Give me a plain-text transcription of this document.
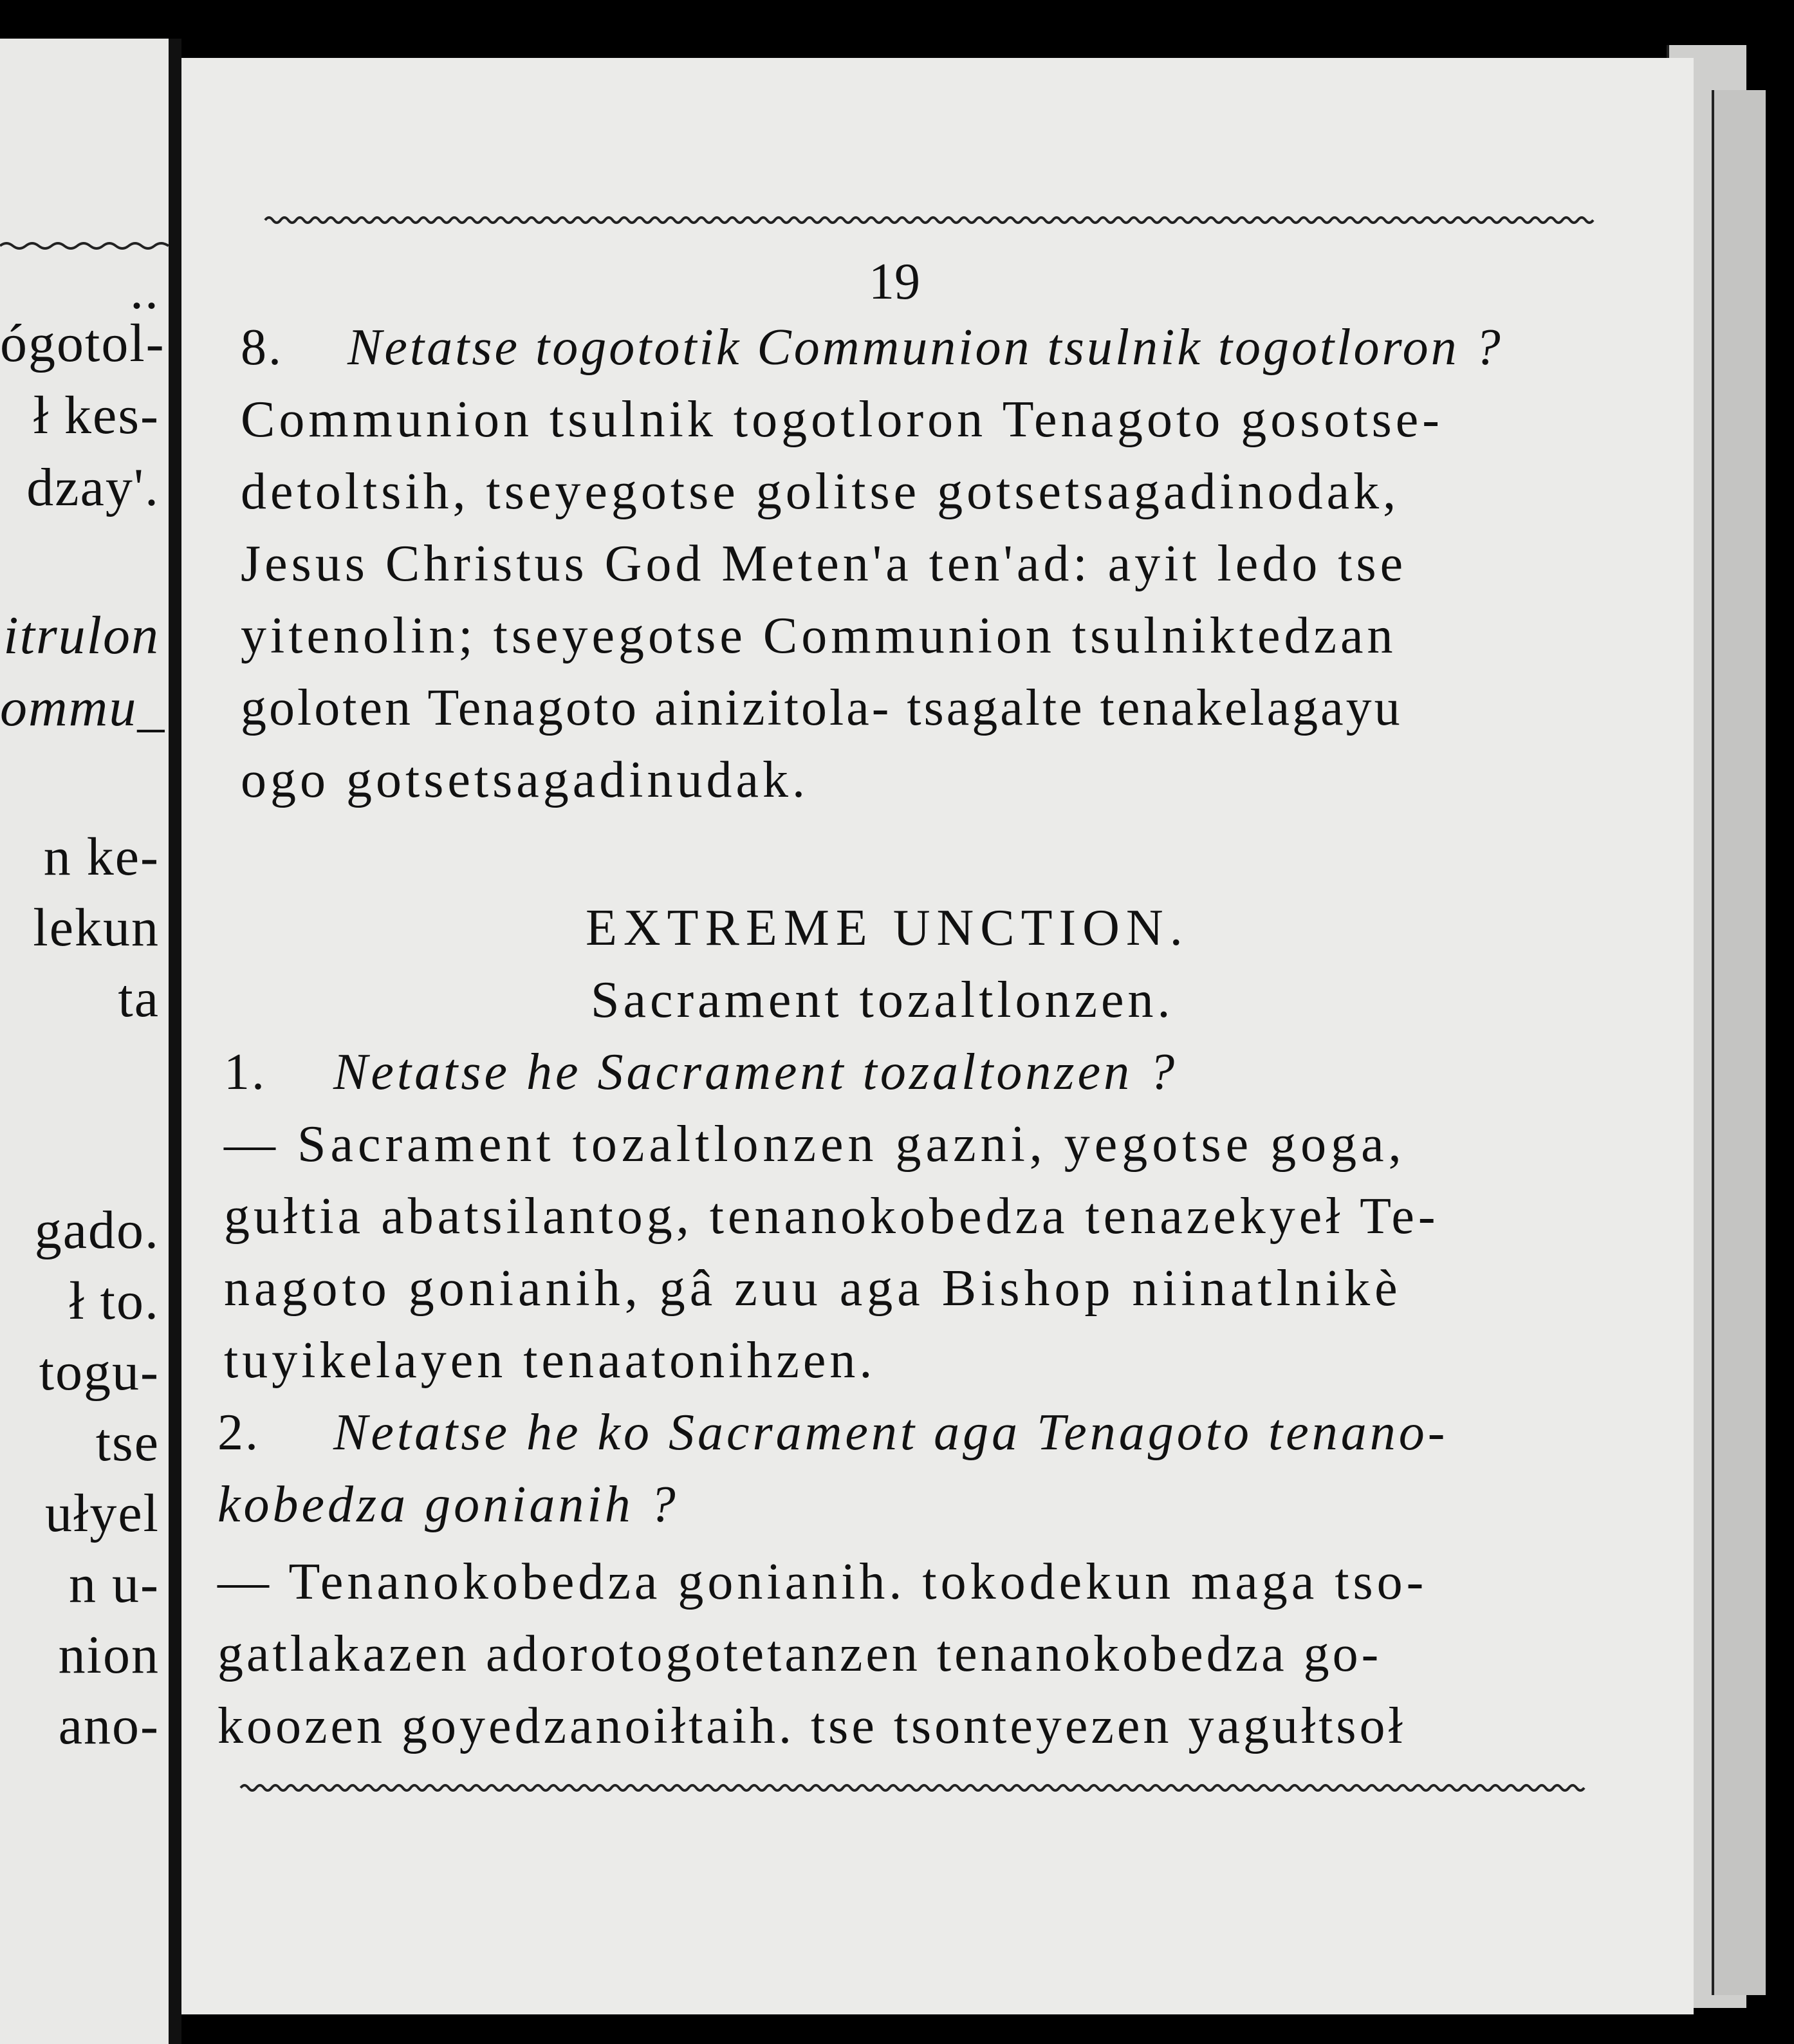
..
ógotol-
ł kes-
dzay'.
itrulon
ommu_
n ke-
lekun
ta
gado.
ł to.
togu-
tse
ułyel
n u-
nion
ano-
19
8. Netatse togototik Communion tsulnik togotloron ?
Communion tsulnik togotloron Tenagoto gosotse-
detoltsih, tseyegotse golitse gotsetsagadinodak,
Jesus Christus God Meten'a ten'ad: ayit ledo tse
yitenolin; tseyegotse Communion tsulniktedzan
goloten Tenagoto ainizitola- tsagalte tenakelagayu
ogo gotsetsagadinudak.
EXTREME UNCTION.
Sacrament tozaltlonzen.
1. Netatse he Sacrament tozaltonzen ?
— Sacrament tozaltlonzen gazni, yegotse goga,
gułtia abatsilantog, tenanokobedza tenazekyeł Te-
nagoto gonianih, gâ zuu aga Bishop niinatlnikè
tuyikelayen tenaatonihzen.
2. Netatse he ko Sacrament aga Tenagoto tenano-
kobedza gonianih ?
— Tenanokobedza gonianih. tokodekun maga tso-
gatlakazen adorotogotetanzen tenanokobedza go-
koozen goyedzanoiłtaih. tse tsonteyezen yagułtsoł
